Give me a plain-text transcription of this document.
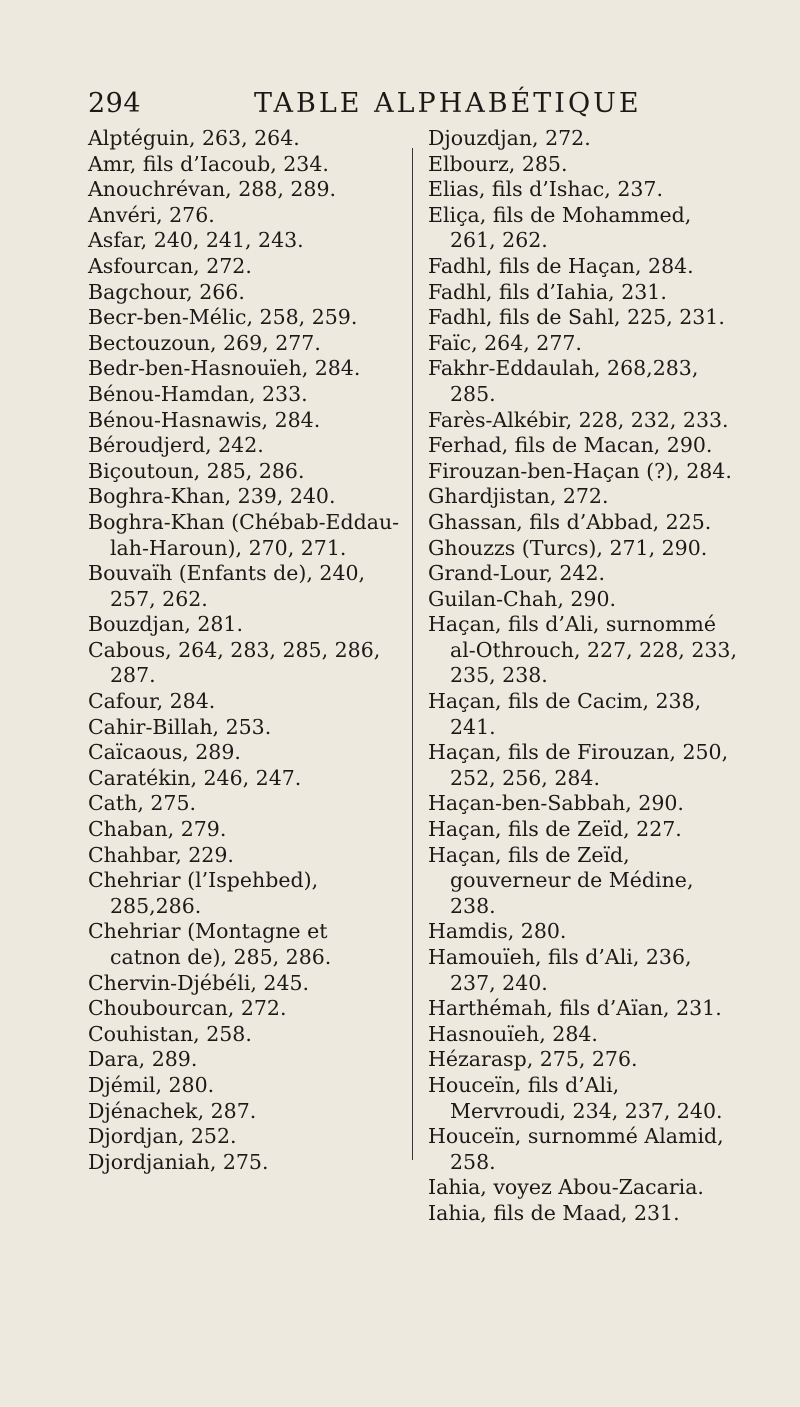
294	TABLE ALPHABÉTIQUE
Alptéguin, 263, 264.
Amr, fils d’Iacoub, 234.
Anouchrévan, 288, 289.
Anvéri, 276.
Asfar, 240, 241, 243.
Asfourcan, 272.
Bagchour, 266.
Becr-ben-Mélic, 258, 259.
Bectouzoun, 269, 277.
Bedr-ben-Hasnouïeh, 284.
Bénou-Hamdan, 233.
Bénou-Hasnawis, 284.
Béroudjerd, 242.
Biçoutoun, 285, 286.
Boghra-Khan, 239, 240.
Boghra-Khan (Chébab-Eddau-lah-Haroun), 270, 271.
Bouvaïh (Enfants de), 240, 257, 262.
Bouzdjan, 281.
Cabous, 264, 283, 285, 286, 287.
Cafour, 284.
Cahir-Billah, 253.
Caïcaous, 289.
Caratékin, 246, 247.
Cath, 275.
Chaban, 279.
Chahbar, 229.
Chehriar (l’Ispehbed), 285,286.
Chehriar (Montagne et catnon de), 285, 286.
Chervin-Djébéli, 245.
Choubourcan, 272.
Couhistan, 258.
Dara, 289.
Djémil, 280.
Djénachek, 287.
Djordjan, 252.
Djordjaniah, 275.
Djouzdjan, 272.
Elbourz, 285.
Elias, fils d’Ishac, 237.
Eliça, fils de Mohammed, 261, 262.
Fadhl, fils de Haçan, 284.
Fadhl, fils d’Iahia, 231.
Fadhl, fils de Sahl, 225, 231.
Faïc, 264, 277.
Fakhr-Eddaulah, 268,283, 285.
Farès-Alkébir, 228, 232, 233.
Ferhad, fils de Macan, 290.
Firouzan-ben-Haçan (?), 284.
Ghardjistan, 272.
Ghassan, fils d’Abbad, 225.
Ghouzzs (Turcs), 271, 290.
Grand-Lour, 242.
Guilan-Chah, 290.
Haçan, fils d’Ali, surnommé al-Othrouch, 227, 228, 233, 235, 238.
Haçan, fils de Cacim, 238, 241.
Haçan, fils de Firouzan, 250, 252, 256, 284.
Haçan-ben-Sabbah, 290.
Haçan, fils de Zeïd, 227.
Haçan, fils de Zeïd, gouverneur de Médine, 238.
Hamdis, 280.
Hamouïeh, fils d’Ali, 236, 237, 240.
Harthémah, fils d’Aïan, 231.
Hasnouïeh, 284.
Hézarasp, 275, 276.
Houceïn, fils d’Ali, Mervroudi, 234, 237, 240.
Houceïn, surnommé Alamid, 258.
Iahia, voyez Abou-Zacaria.
Iahia, fils de Maad, 231.
